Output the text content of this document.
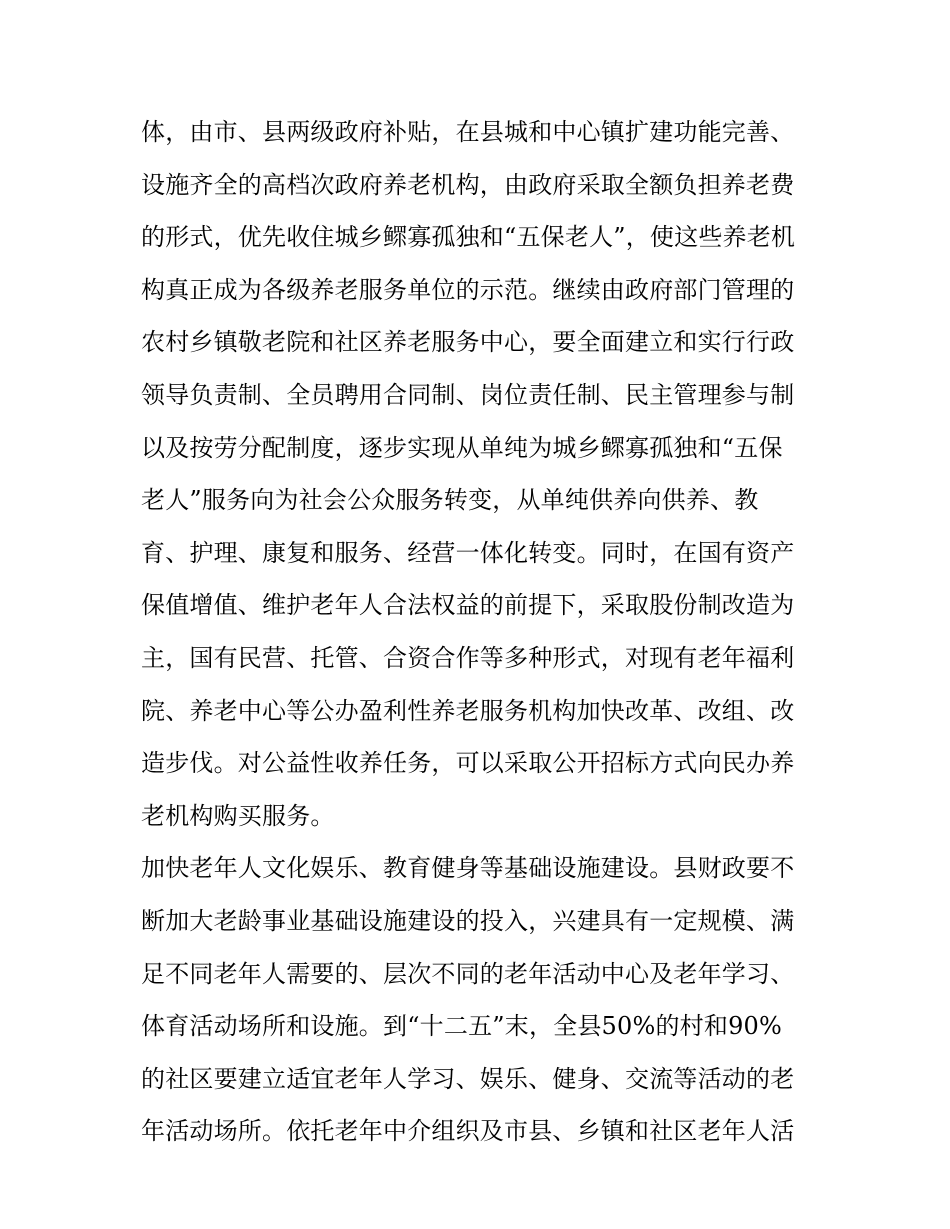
体，由市、县两级政府补贴，在县城和中心镇扩建功能完善、
设施齐全的高档次政府养老机构，由政府采取全额负担养老费
的形式，优先收住城乡鳏寡孤独和“五保老人”，使这些养老机
构真正成为各级养老服务单位的示范。继续由政府部门管理的
农村乡镇敬老院和社区养老服务中心，要全面建立和实行行政
领导负责制、全员聘用合同制、岗位责任制、民主管理参与制
以及按劳分配制度，逐步实现从单纯为城乡鳏寡孤独和“五保
老人”服务向为社会公众服务转变，从单纯供养向供养、教
育、护理、康复和服务、经营一体化转变。同时，在国有资产
保值增值、维护老年人合法权益的前提下，采取股份制改造为
主，国有民营、托管、合资合作等多种形式，对现有老年福利
院、养老中心等公办盈利性养老服务机构加快改革、改组、改
造步伐。对公益性收养任务，可以采取公开招标方式向民办养
老机构购买服务。
加快老年人文化娱乐、教育健身等基础设施建设。县财政要不
断加大老龄事业基础设施建设的投入，兴建具有一定规模、满
足不同老年人需要的、层次不同的老年活动中心及老年学习、
体育活动场所和设施。到“十二五”末，全县50%的村和90%
的社区要建立适宜老年人学习、娱乐、健身、交流等活动的老
年活动场所。依托老年中介组织及市县、乡镇和社区老年人活
